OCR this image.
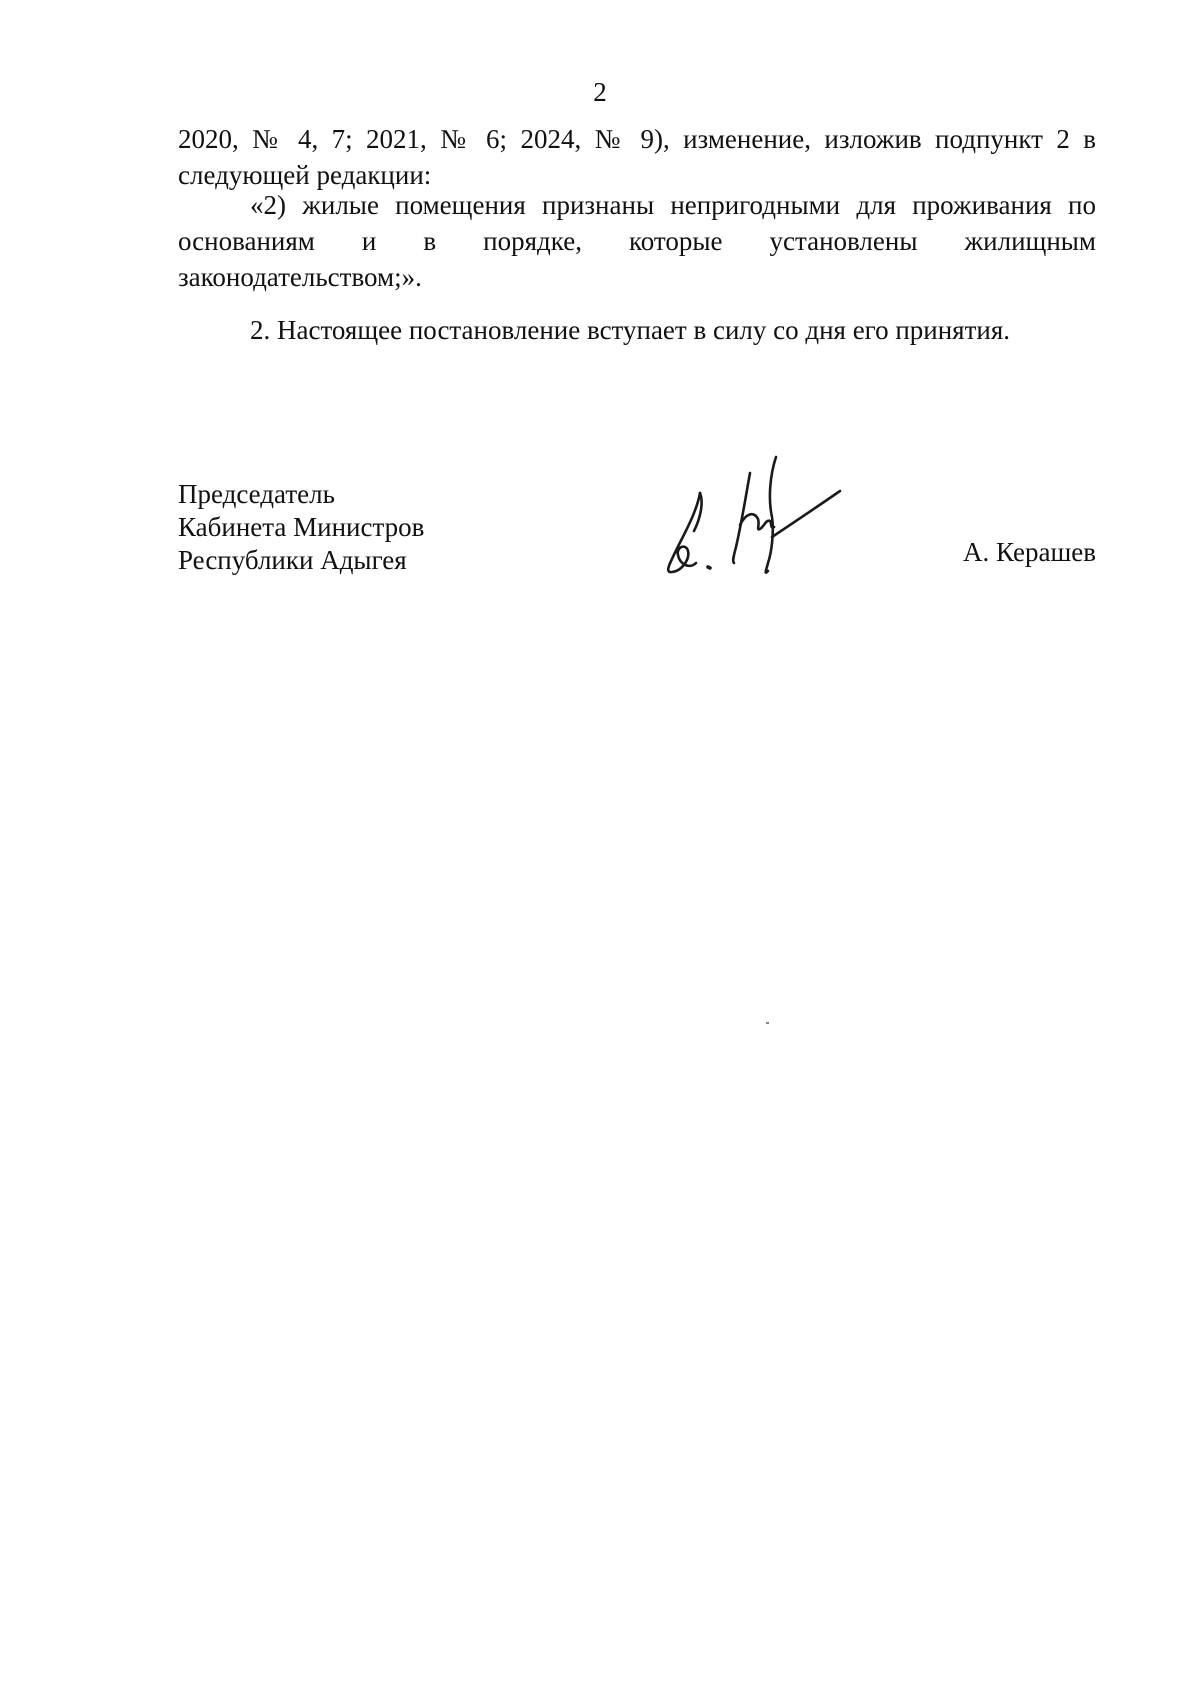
2
2020, № 4, 7; 2021, № 6; 2024, № 9), изменение, изложив подпункт 2 в
следующей редакции:
«2) жилые помещения признаны непригодными для проживания по
основаниям и в порядке, которые установлены жилищным
законодательством;».
2. Настоящее постановление вступает в силу со дня его принятия.
Председатель
Кабинета Министров
Республики Адыгея	А. Керашев
